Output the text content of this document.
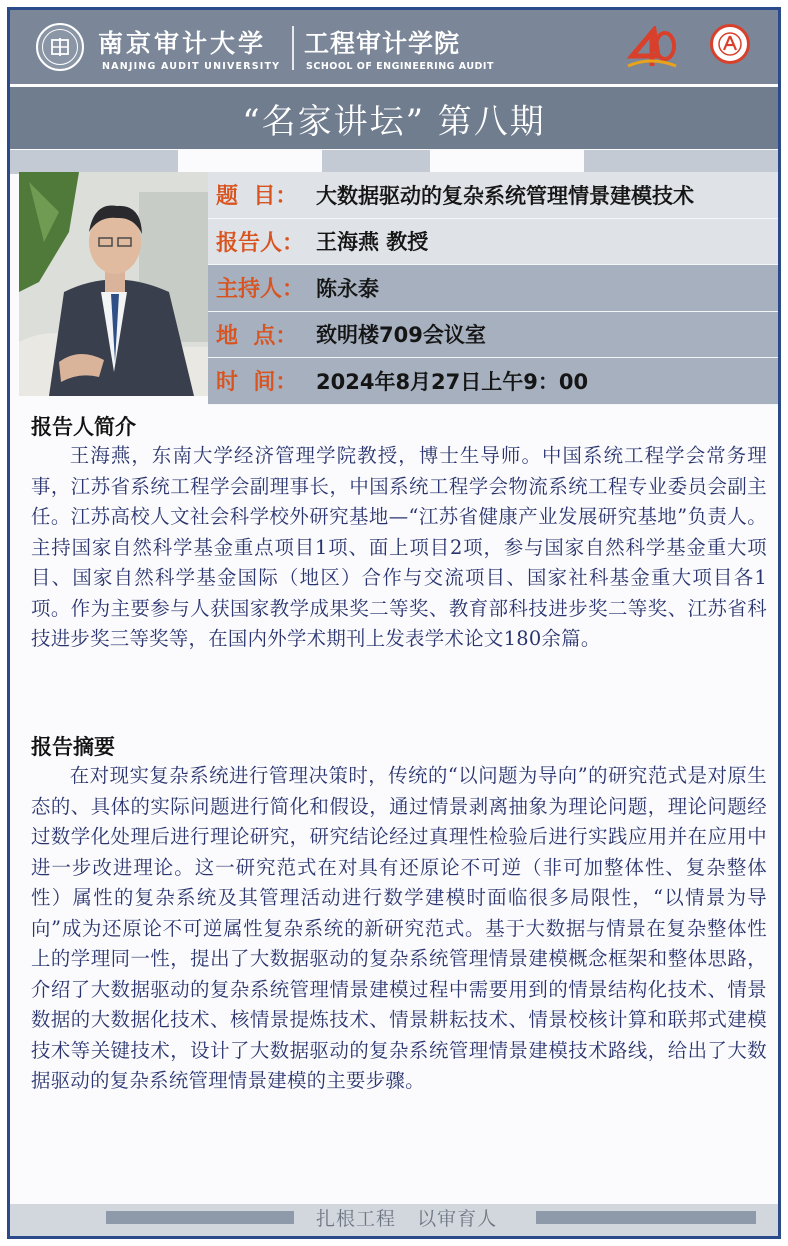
南京审计大学
NANJING AUDIT UNIVERSITY
工程审计学院
SCHOOL OF ENGINEERING AUDIT
“名家讲坛” 第八期
题  目： 大数据驱动的复杂系统管理情景建模技术
报告人： 王海燕 教授
主持人： 陈永泰
地  点： 致明楼709会议室
时  间： 2024年8月27日上午9：00
报告人简介
王海燕，东南大学经济管理学院教授，博士生导师。中国系统工程学会常务理事，江苏省系统工程学会副理事长，中国系统工程学会物流系统工程专业委员会副主任。江苏高校人文社会科学校外研究基地—“江苏省健康产业发展研究基地”负责人。主持国家自然科学基金重点项目1项、面上项目2项，参与国家自然科学基金重大项目、国家自然科学基金国际（地区）合作与交流项目、国家社科基金重大项目各1项。作为主要参与人获国家教学成果奖二等奖、教育部科技进步奖二等奖、江苏省科技进步奖三等奖等，在国内外学术期刊上发表学术论文180余篇。
报告摘要
在对现实复杂系统进行管理决策时，传统的“以问题为导向”的研究范式是对原生态的、具体的实际问题进行简化和假设，通过情景剥离抽象为理论问题，理论问题经过数学化处理后进行理论研究，研究结论经过真理性检验后进行实践应用并在应用中进一步改进理论。这一研究范式在对具有还原论不可逆（非可加整体性、复杂整体性）属性的复杂系统及其管理活动进行数学建模时面临很多局限性，“以情景为导向”成为还原论不可逆属性复杂系统的新研究范式。基于大数据与情景在复杂整体性上的学理同一性，提出了大数据驱动的复杂系统管理情景建模概念框架和整体思路，介绍了大数据驱动的复杂系统管理情景建模过程中需要用到的情景结构化技术、情景数据的大数据化技术、核情景提炼技术、情景耕耘技术、情景校核计算和联邦式建模技术等关键技术，设计了大数据驱动的复杂系统管理情景建模技术路线，给出了大数据驱动的复杂系统管理情景建模的主要步骤。
扎根工程   以审育人
